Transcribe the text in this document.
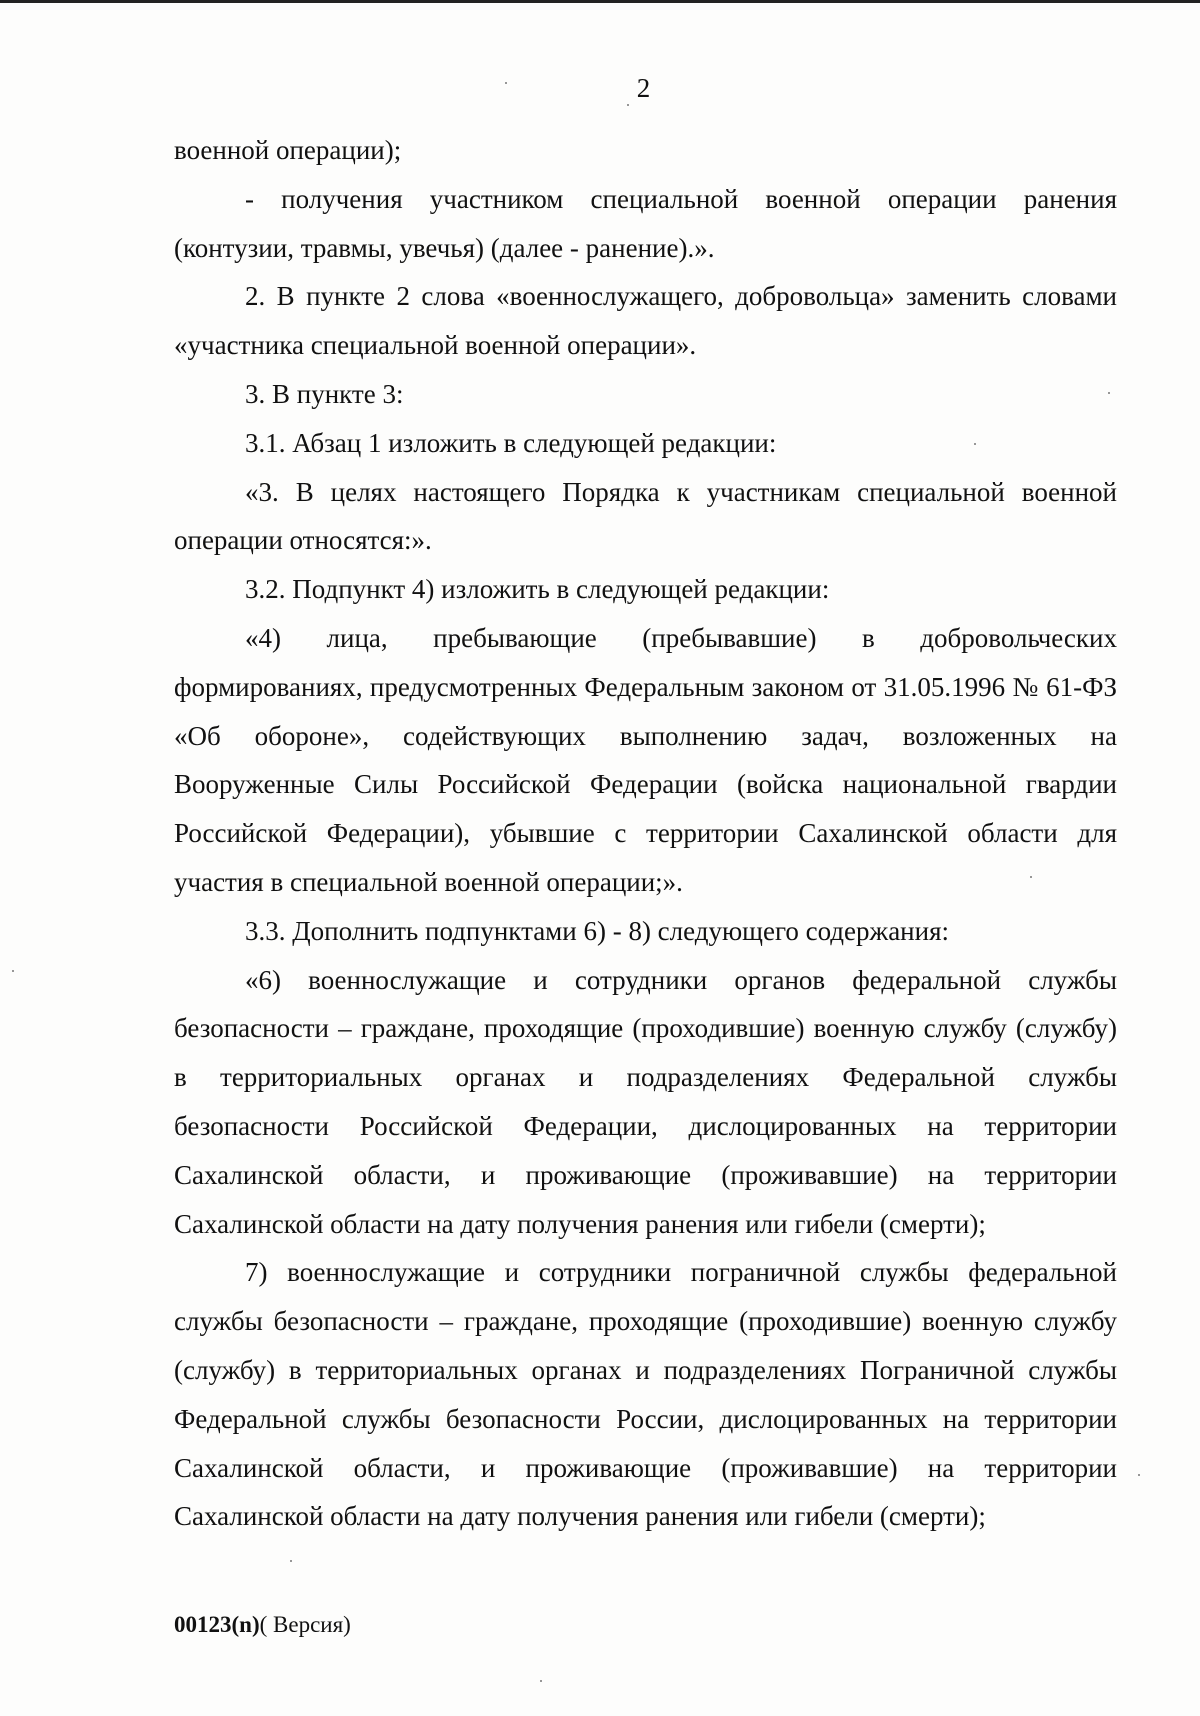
2

военной операции);

- получения участником специальной военной операции ранения (контузии, травмы, увечья) (далее - ранение).».

2. В пункте 2 слова «военнослужащего, добровольца» заменить словами «участника специальной военной операции».

3. В пункте 3:

3.1. Абзац 1 изложить в следующей редакции:

«3. В целях настоящего Порядка к участникам специальной военной операции относятся:».

3.2. Подпункт 4) изложить в следующей редакции:

«4) лица, пребывающие (пребывавшие) в добровольческих формированиях, предусмотренных Федеральным законом от 31.05.1996 № 61-ФЗ «Об обороне», содействующих выполнению задач, возложенных на Вооруженные Силы Российской Федерации (войска национальной гвардии Российской Федерации), убывшие с территории Сахалинской области для участия в специальной военной операции;».

3.3. Дополнить подпунктами 6) - 8) следующего содержания:

«6) военнослужащие и сотрудники органов федеральной службы безопасности – граждане, проходящие (проходившие) военную службу (службу) в территориальных органах и подразделениях Федеральной службы безопасности Российской Федерации, дислоцированных на территории Сахалинской области, и проживающие (проживавшие) на территории Сахалинской области на дату получения ранения или гибели (смерти);

7) военнослужащие и сотрудники пограничной службы федеральной службы безопасности – граждане, проходящие (проходившие) военную службу (службу) в территориальных органах и подразделениях Пограничной службы Федеральной службы безопасности России, дислоцированных на территории Сахалинской области, и проживающие (проживавшие) на территории Сахалинской области на дату получения ранения или гибели (смерти);

00123(n)( Версия)
